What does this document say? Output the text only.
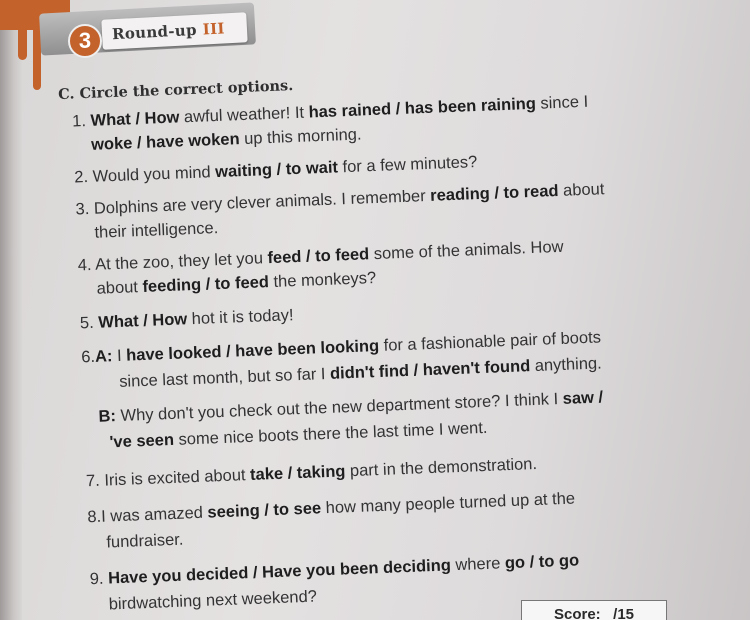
Round-up III
3
C. Circle the correct options.
1. What / How awful weather! It has rained / has been raining since I
woke / have woken up this morning.
2. Would you mind waiting / to wait for a few minutes?
3. Dolphins are very clever animals. I remember reading / to read about
their intelligence.
4. At the zoo, they let you feed / to feed some of the animals. How
about feeding / to feed the monkeys?
5. What / How hot it is today!
6.A: I have looked / have been looking for a fashionable pair of boots
since last month, but so far I didn't find / haven't found anything.
B: Why don't you check out the new department store? I think I saw /
've seen some nice boots there the last time I went.
7. Iris is excited about take / taking part in the demonstration.
8.I was amazed seeing / to see how many people turned up at the
fundraiser.
9. Have you decided / Have you been deciding where go / to go
birdwatching next weekend?
Score:
/15
